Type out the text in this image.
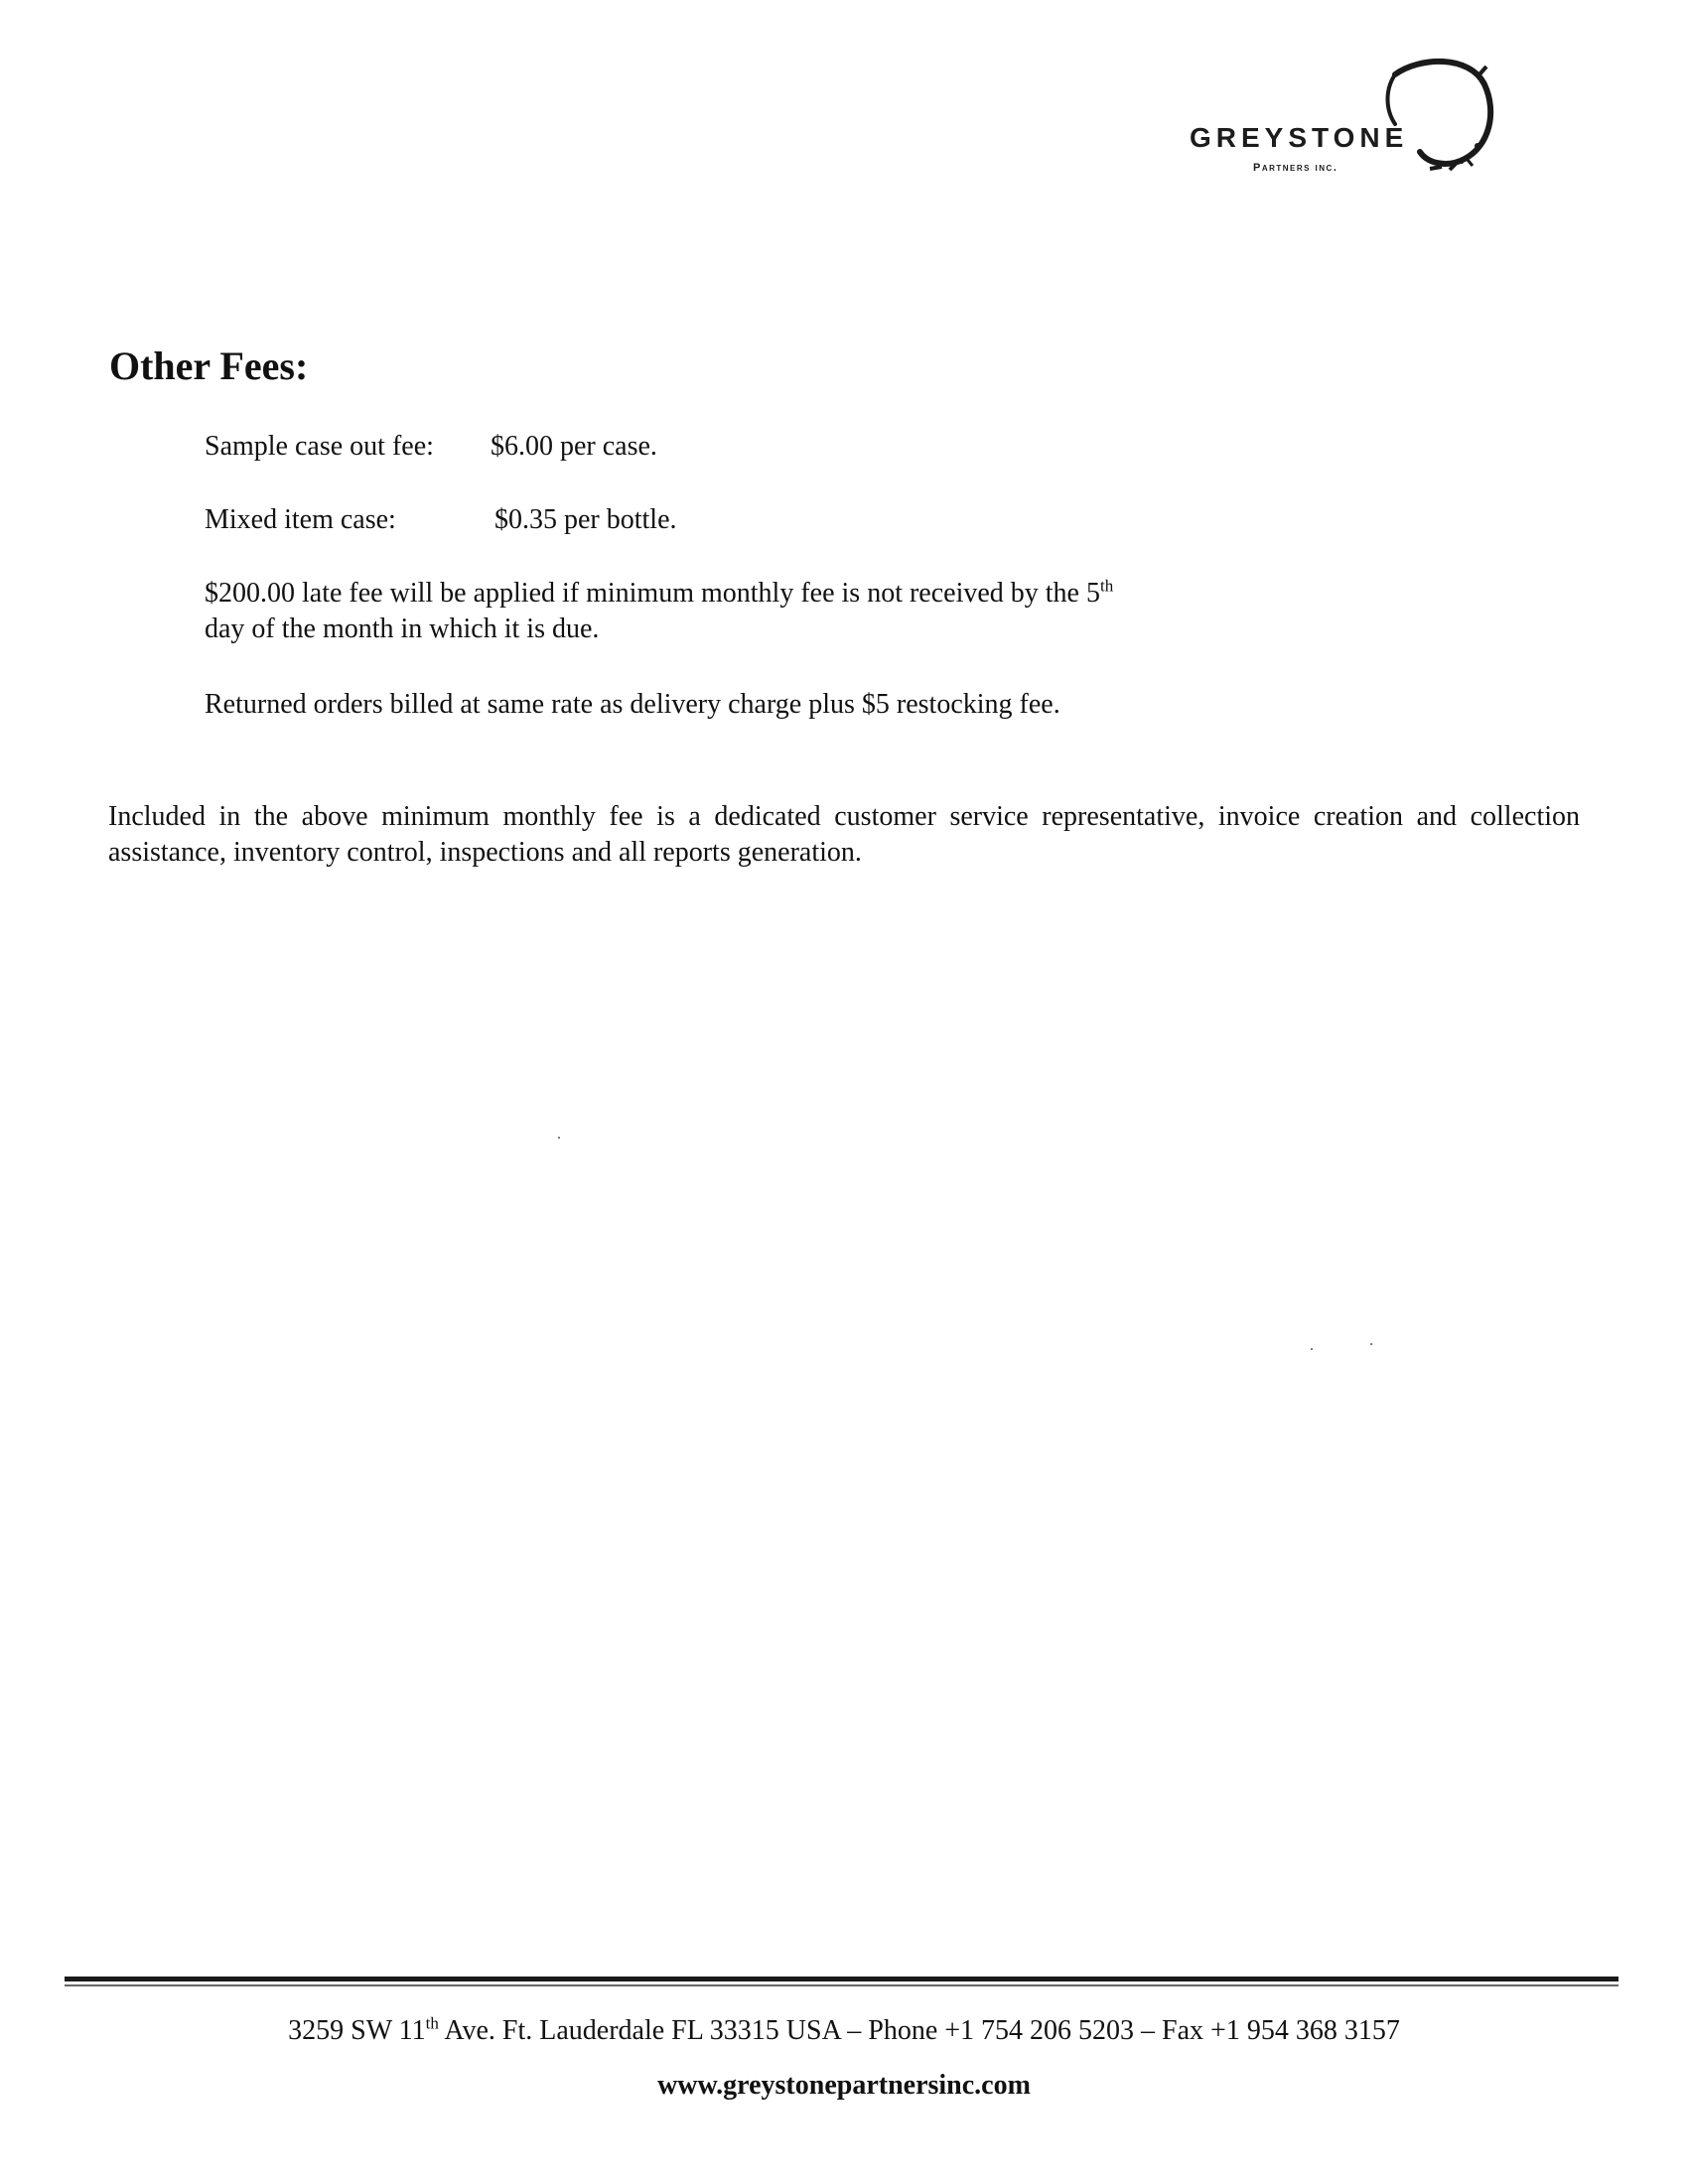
GREYSTONE
Partners inc.
Other Fees:
Sample case out fee: $6.00 per case.
Mixed item case:	$0.35 per bottle.
$200.00 late fee will be applied if minimum monthly fee is not received by the 5th
day of the month in which it is due.
Returned orders billed at same rate as delivery charge plus $5 restocking fee.
Included in the above minimum monthly fee is a dedicated customer service representative, invoice creation and collection assistance, inventory control, inspections and all reports generation.
3259 SW 11th Ave. Ft. Lauderdale FL 33315 USA – Phone +1 754 206 5203 – Fax +1 954 368 3157
www.greystonepartnersinc.com
